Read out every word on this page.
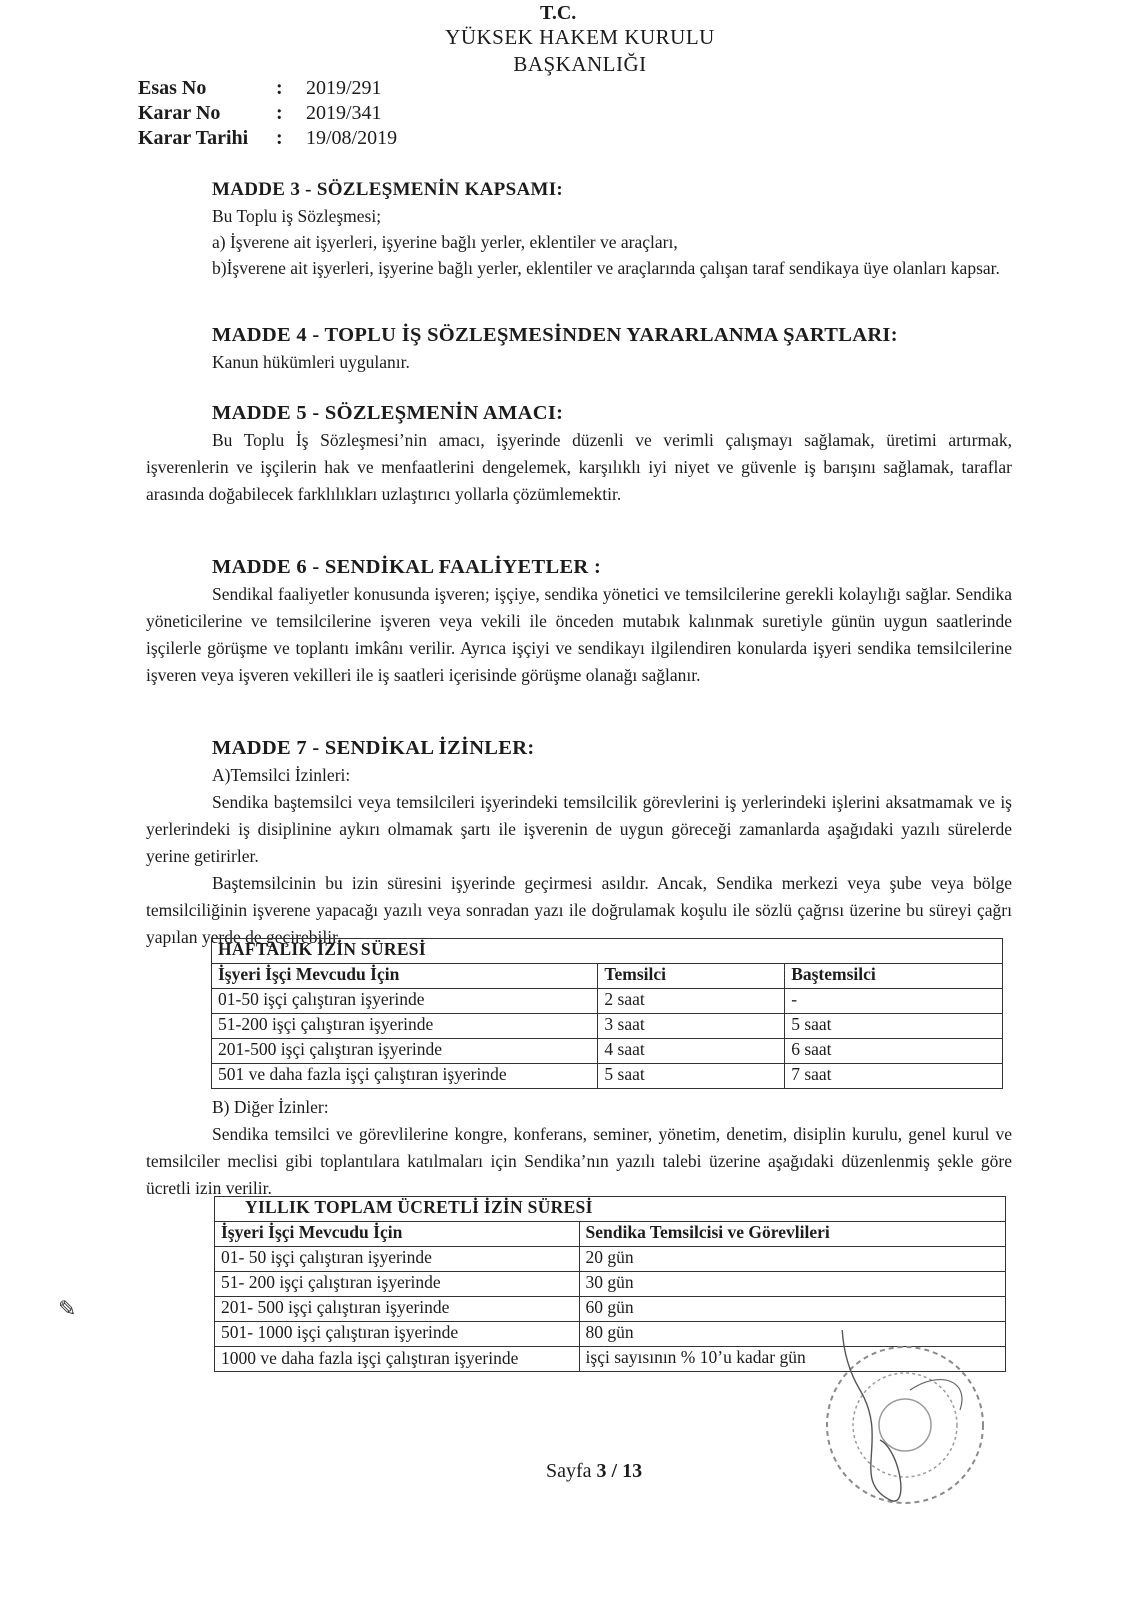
T.C.
YÜKSEK HAKEM KURULU
BAŞKANLIĞI
Esas No	:	2019/291
Karar No	:	2019/341
Karar Tarihi	:	19/08/2019
MADDE 3 - SÖZLEŞMENİN KAPSAMI:

Bu Toplu iş Sözleşmesi;

a) İşverene ait işyerleri, işyerine bağlı yerler, eklentiler ve araçları,

b)İşverene ait işyerleri, işyerine bağlı yerler, eklentiler ve araçlarında çalışan taraf sendikaya üye olanları kapsar.

MADDE 4 - TOPLU İŞ SÖZLEŞMESİNDEN YARARLANMA ŞARTLARI:

Kanun hükümleri uygulanır.

MADDE 5 - SÖZLEŞMENİN AMACI:

Bu Toplu İş Sözleşmesi’nin amacı, işyerinde düzenli ve verimli çalışmayı sağlamak, üretimi artırmak, işverenlerin ve işçilerin hak ve menfaatlerini dengelemek, karşılıklı iyi niyet ve güvenle iş barışını sağlamak, taraflar arasında doğabilecek farklılıkları uzlaştırıcı yollarla çözümlemektir.

MADDE 6 - SENDİKAL FAALİYETLER :

Sendikal faaliyetler konusunda işveren; işçiye, sendika yönetici ve temsilcilerine gerekli kolaylığı sağlar. Sendika yöneticilerine ve temsilcilerine işveren veya vekili ile önceden mutabık kalınmak suretiyle günün uygun saatlerinde işçilerle görüşme ve toplantı imkânı verilir. Ayrıca işçiyi ve sendikayı ilgilendiren konularda işyeri sendika temsilcilerine işveren veya işveren vekilleri ile iş saatleri içerisinde görüşme olanağı sağlanır.

MADDE 7 - SENDİKAL İZİNLER:

A)Temsilci İzinleri:

Sendika baştemsilci veya temsilcileri işyerindeki temsilcilik görevlerini iş yerlerindeki işlerini aksatmamak ve iş yerlerindeki iş disiplinine aykırı olmamak şartı ile işverenin de uygun göreceği zamanlarda aşağıdaki yazılı sürelerde yerine getirirler.

Baştemsilcinin bu izin süresini işyerinde geçirmesi asıldır. Ancak, Sendika merkezi veya şube veya bölge temsilciliğinin işverene yapacağı yazılı veya sonradan yazı ile doğrulamak koşulu ile sözlü çağrısı üzerine bu süreyi çağrı yapılan yerde de geçirebilir.

HAFTALIK İZİN SÜRESİ		
İşyeri İşçi Mevcudu İçin	Temsilci	Baştemsilci
01-50 işçi çalıştıran işyerinde	2 saat	-
51-200 işçi çalıştıran işyerinde	3 saat	5 saat
201-500 işçi çalıştıran işyerinde	4 saat	6 saat
501 ve daha fazla işçi çalıştıran işyerinde	5 saat	7 saat

B) Diğer İzinler:

Sendika temsilci ve görevlilerine kongre, konferans, seminer, yönetim, denetim, disiplin kurulu, genel kurul ve temsilciler meclisi gibi toplantılara katılmaları için Sendika’nın yazılı talebi üzerine aşağıdaki düzenlenmiş şekle göre ücretli izin verilir.

YILLIK TOPLAM ÜCRETLİ İZİN SÜRESİ	
İşyeri İşçi Mevcudu İçin	Sendika Temsilcisi ve Görevlileri
01- 50 işçi çalıştıran işyerinde	20 gün
51- 200 işçi çalıştıran işyerinde	30 gün
201- 500 işçi çalıştıran işyerinde	60 gün
501- 1000 işçi çalıştıran işyerinde	80 gün
1000 ve daha fazla işçi çalıştıran işyerinde	işçi sayısının % 10’u kadar gün
✎
Sayfa 3 / 13
